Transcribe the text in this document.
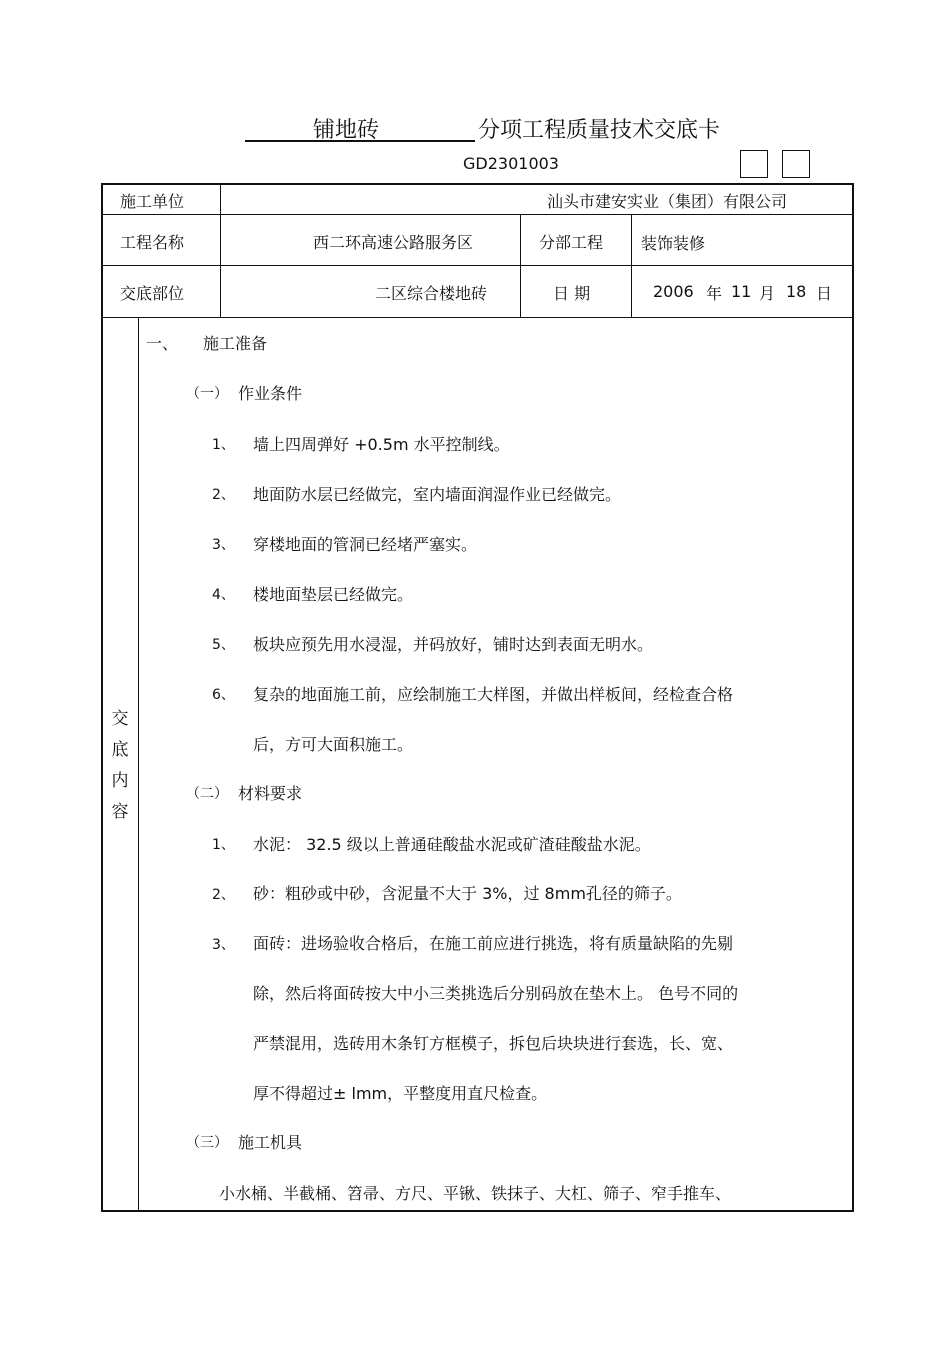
铺地砖	分项工程质量技术交底卡
GD2301003
施工单位	汕头市建安实业（集团）有限公司
工程名称	西二环高速公路服务区	分部工程 装饰装修
交底部位	二区综合楼地砖	日 期	2006 年 11 月 18 日
交
底
内
容
一、 施工准备
（一） 作业条件
1、 墙上四周弹好 +0.5m 水平控制线。
2、 地面防水层已经做完，室内墙面润湿作业已经做完。
3、 穿楼地面的管洞已经堵严塞实。
4、 楼地面垫层已经做完。
5、 板块应预先用水浸湿，并码放好，铺时达到表面无明水。
6、 复杂的地面施工前，应绘制施工大样图，并做出样板间，经检查合格
后，方可大面积施工。
（二） 材料要求
1、 水泥： 32.5 级以上普通硅酸盐水泥或矿渣硅酸盐水泥。
2、 砂：粗砂或中砂，含泥量不大于 3%，过 8mm孔径的筛子。
3、 面砖：进场验收合格后，在施工前应进行挑选，将有质量缺陷的先剔
除，然后将面砖按大中小三类挑选后分别码放在垫木上。 色号不同的
严禁混用，选砖用木条钉方框模子，拆包后块块进行套选，长、宽、
厚不得超过± lmm，平整度用直尺检查。
（三） 施工机具
小水桶、半截桶、笤帚、方尺、平锹、铁抹子、大杠、筛子、窄手推车、
